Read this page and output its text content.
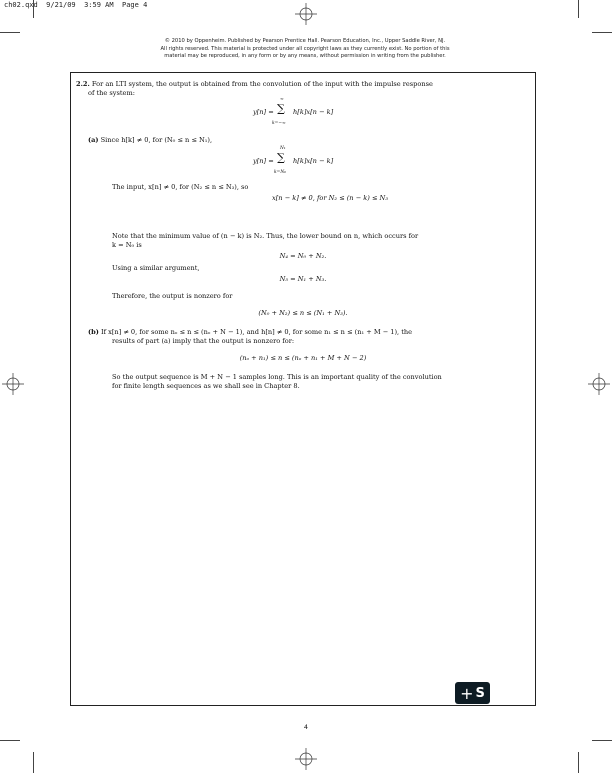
ch02.qxd  9/21/09  3:59 AM  Page 4
© 2010 by Oppenheim. Published by Pearson Prentice Hall. Pearson Education, Inc., Upper Saddle River, NJ.
All rights reserved. This material is protected under all copyright laws as they currently exist. No portion of this
material may be reproduced, in any form or by any means, without permission in writing from the publisher.
2.2. For an LTI system, the output is obtained from the convolution of the input with the impulse response
of the system:
y[n] = ∑
∞
k=−∞
h[k]x[n − k]
(a) Since h[k] ≠ 0, for (N₀ ≤ n ≤ N₁),
y[n] = ∑
N₁
k=N₀
h[k]x[n − k]
The input, x[n] ≠ 0, for (N₂ ≤ n ≤ N₃), so
x[n − k] ≠ 0, for N₂ ≤ (n − k) ≤ N₃
Note that the minimum value of (n − k) is N₂. Thus, the lower bound on n, which occurs for
k = N₀ is
N₄ = N₀ + N₂.
Using a similar argument,
N₅ = N₁ + N₃.
Therefore, the output is nonzero for
(N₀ + N₂) ≤ n ≤ (N₁ + N₃).
(b) If x[n] ≠ 0, for some nₒ ≤ n ≤ (nₒ + N − 1), and h[n] ≠ 0, for some n₁ ≤ n ≤ (n₁ + M − 1), the
results of part (a) imply that the output is nonzero for:
(nₒ + n₁) ≤ n ≤ (nₒ + n₁ + M + N − 2)
So the output sequence is M + N − 1 samples long. This is an important quality of the convolution
for finite length sequences as we shall see in Chapter 8.
+ S
4
